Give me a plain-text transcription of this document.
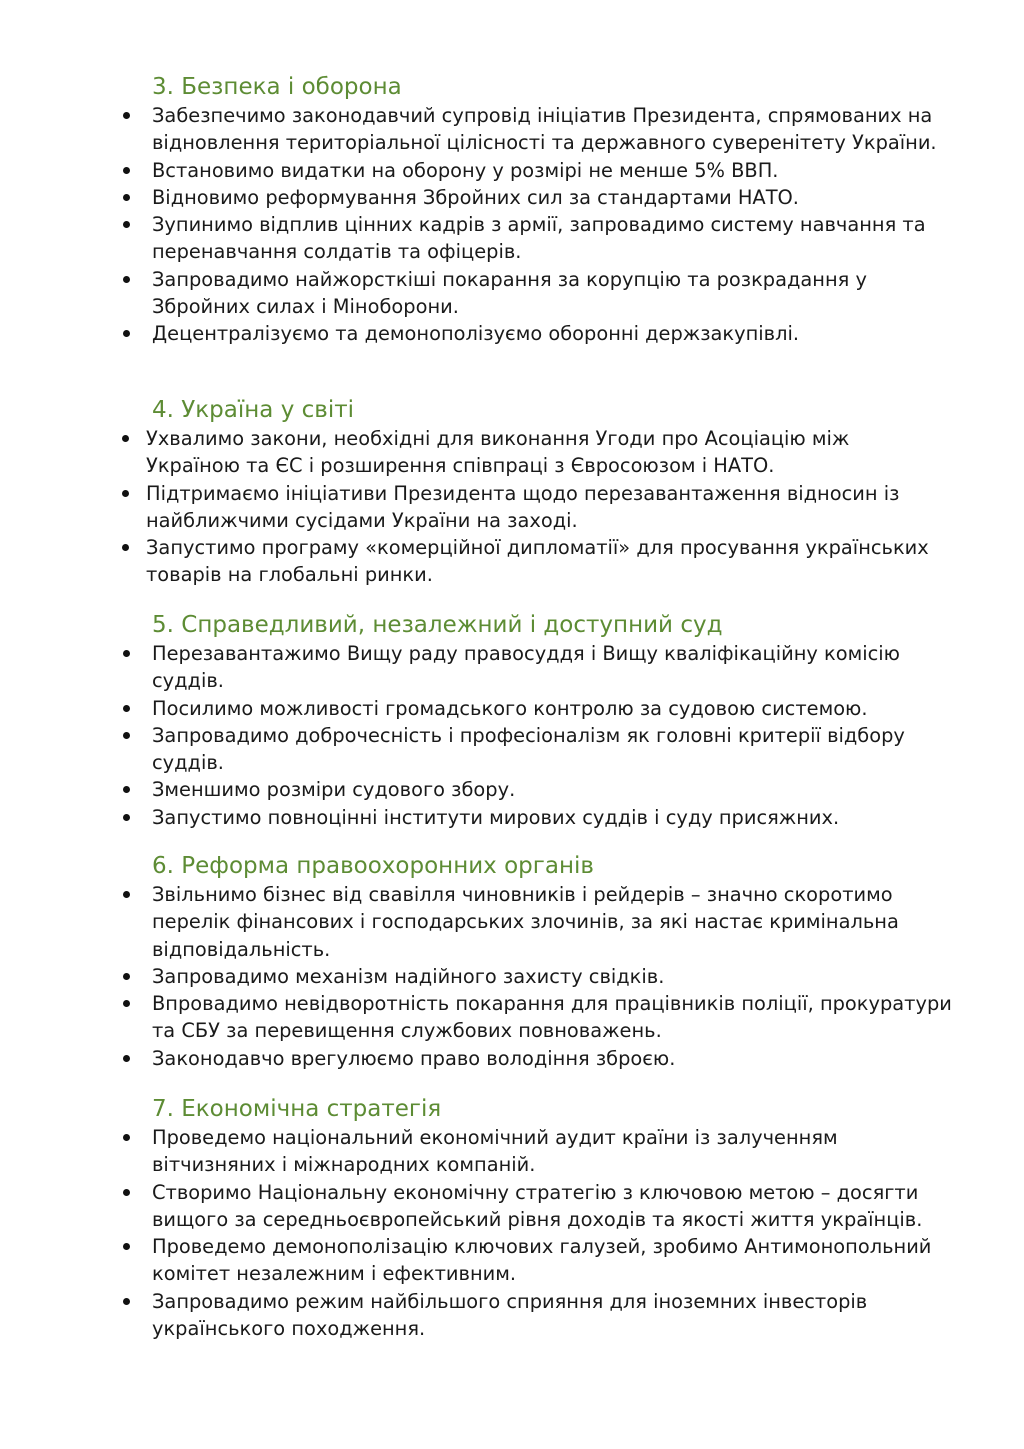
3. Безпека і оборона
Забезпечимо законодавчий супровід ініціатив Президента, спрямованих на відновлення територіальної цілісності та державного суверенітету України.
Встановимо видатки на оборону у розмірі не менше 5% ВВП.
Відновимо реформування Збройних сил за стандартами НАТО.
Зупинимо відплив цінних кадрів з армії, запровадимо систему навчання та перенавчання солдатів та офіцерів.
Запровадимо найжорсткіші покарання за корупцію та розкрадання у Збройних силах і Міноборони.
Децентралізуємо та демонополізуємо оборонні держзакупівлі.
4. Україна у світі
Ухвалимо закони, необхідні для виконання Угоди про Асоціацію між Україною та ЄС і розширення співпраці з Євросоюзом і НАТО.
Підтримаємо ініціативи Президента щодо перезавантаження відносин із найближчими сусідами України на заході.
Запустимо програму «комерційної дипломатії» для просування українських товарів на глобальні ринки.
5. Справедливий, незалежний і доступний суд
Перезавантажимо Вищу раду правосуддя і Вищу кваліфікаційну комісію суддів.
Посилимо можливості громадського контролю за судовою системою.
Запровадимо доброчесність і професіоналізм як головні критерії відбору суддів.
Зменшимо розміри судового збору.
Запустимо повноцінні інститути мирових суддів і суду присяжних.
6. Реформа правоохоронних органів
Звільнимо бізнес від свавілля чиновників і рейдерів – значно скоротимо перелік фінансових і господарських злочинів, за які настає кримінальна відповідальність.
Запровадимо механізм надійного захисту свідків.
Впровадимо невідворотність покарання для працівників поліції, прокуратури та СБУ за перевищення службових повноважень.
Законодавчо врегулюємо право володіння зброєю.
7. Економічна стратегія
Проведемо національний економічний аудит країни із залученням вітчизняних і міжнародних компаній.
Створимо Національну економічну стратегію з ключовою метою – досягти вищого за середньоєвропейський рівня доходів та якості життя українців.
Проведемо демонополізацію ключових галузей, зробимо Антимонопольний комітет незалежним і ефективним.
Запровадимо режим найбільшого сприяння для іноземних інвесторів українського походження.
